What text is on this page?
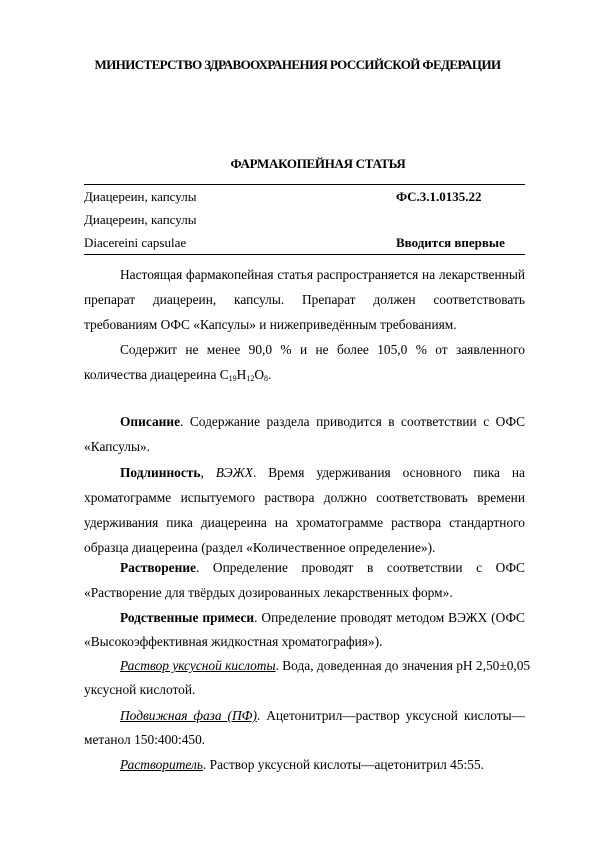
МИНИСТЕРСТВО ЗДРАВООХРАНЕНИЯ РОССИЙСКОЙ ФЕДЕРАЦИИ
ФАРМАКОПЕЙНАЯ СТАТЬЯ
Диацереин, капсулы	ФС.3.1.0135.22
Диацереин, капсулы
Diacereini capsulae	Вводится впервые
Настоящая фармакопейная статья распространяется на лекарственный
препарат диацереин, капсулы. Препарат должен соответствовать
требованиям ОФС «Капсулы» и нижеприведённым требованиям.
Содержит не менее 90,0 % и не более 105,0 % от заявленного
количества диацереина $C_{19}H_{12}O_8$.
Описание. Содержание раздела приводится в соответствии с ОФС
«Капсулы».
Подлинность, ВЭЖХ. Время удерживания основного пика на
хроматограмме испытуемого раствора должно соответствовать времени
удерживания пика диацереина на хроматограмме раствора стандартного
образца диацереина (раздел «Количественное определение»).
Растворение. Определение проводят в соответствии с ОФС
«Растворение для твёрдых дозированных лекарственных форм».
Родственные примеси. Определение проводят методом ВЭЖХ (ОФС
«Высокоэффективная жидкостная хроматография»).
Раствор уксусной кислоты. Вода, доведенная до значения рН 2,50±0,05
уксусной кислотой.
Подвижная фаза (ПФ). Ацетонитрил—раствор уксусной кислоты—
метанол 150:400:450.
Растворитель. Раствор уксусной кислоты—ацетонитрил 45:55.
